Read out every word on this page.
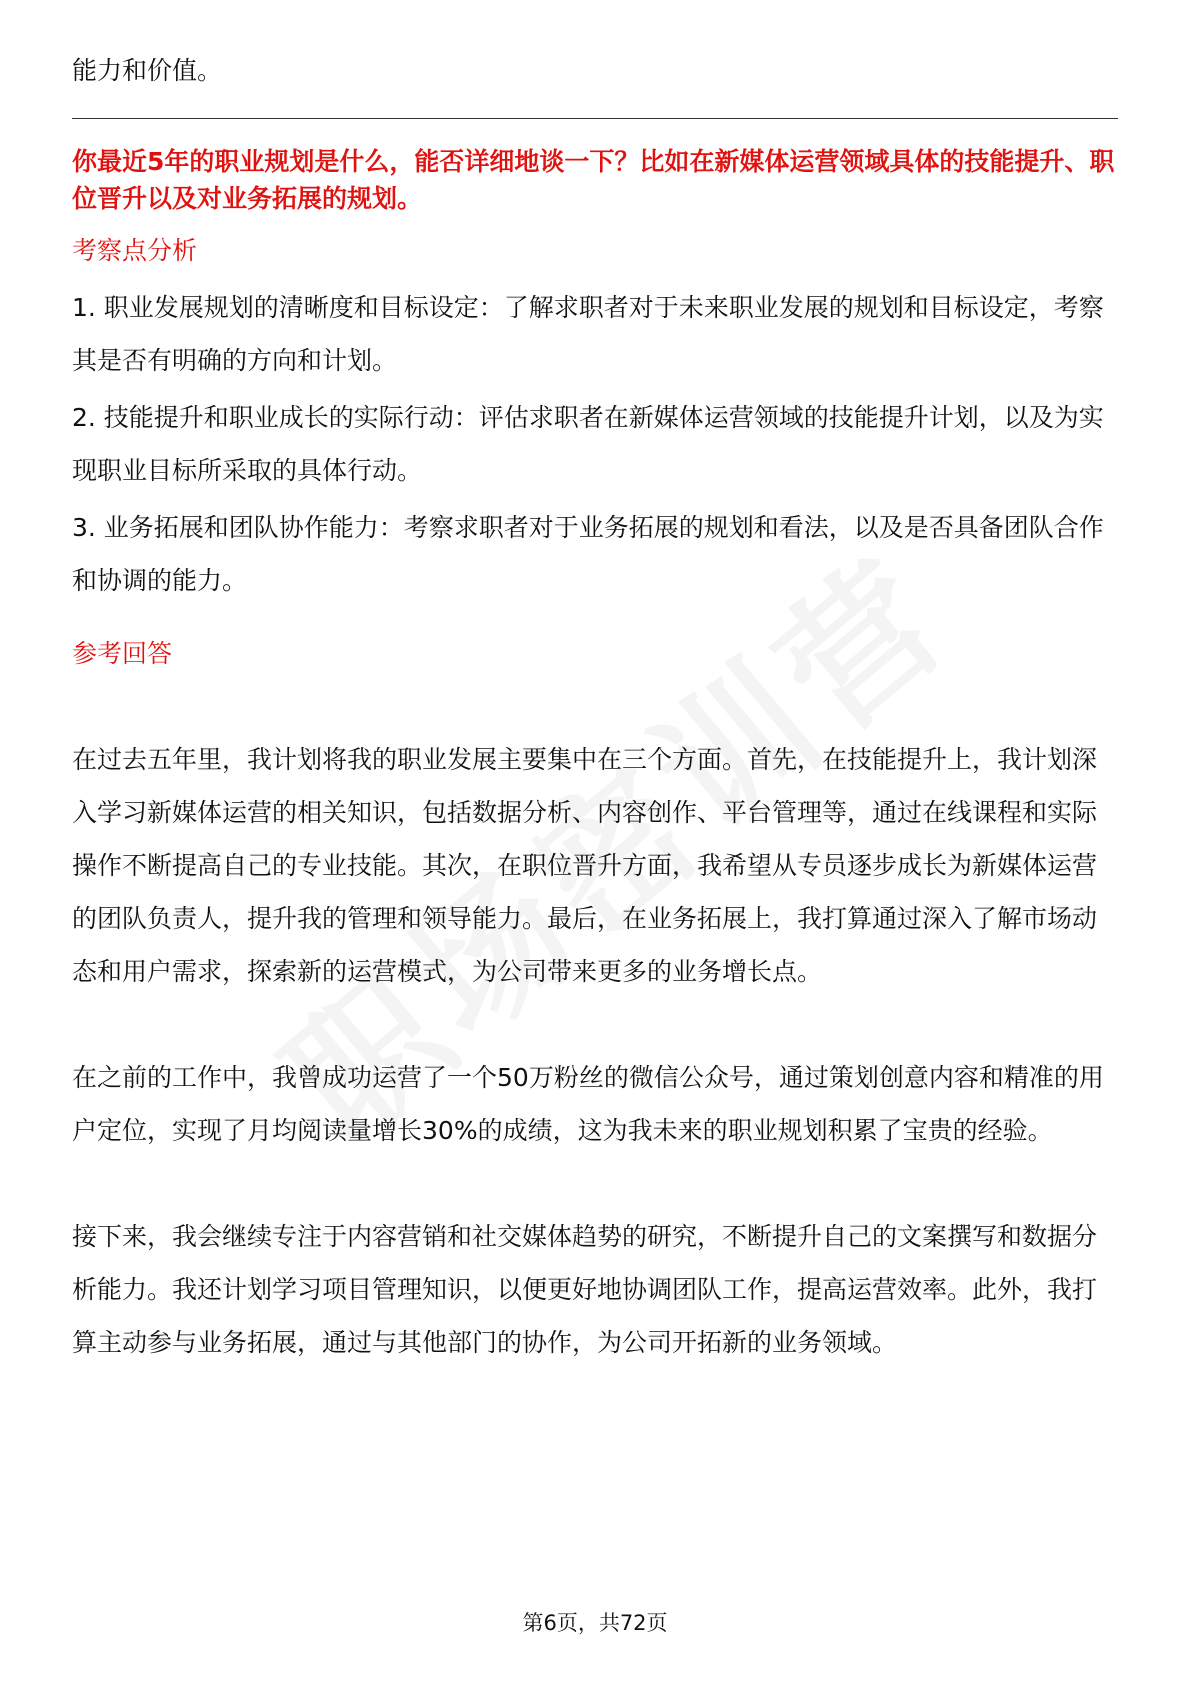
能力和价值。

你最近5年的职业规划是什么，能否详细地谈一下？比如在新媒体运营领域具体的技能提升、职位晋升以及对业务拓展的规划。

考察点分析

1. 职业发展规划的清晰度和目标设定：了解求职者对于未来职业发展的规划和目标设定，考察其是否有明确的方向和计划。

2. 技能提升和职业成长的实际行动：评估求职者在新媒体运营领域的技能提升计划，以及为实现职业目标所采取的具体行动。

3. 业务拓展和团队协作能力：考察求职者对于业务拓展的规划和看法，以及是否具备团队合作和协调的能力。

参考回答

在过去五年里，我计划将我的职业发展主要集中在三个方面。首先，在技能提升上，我计划深入学习新媒体运营的相关知识，包括数据分析、内容创作、平台管理等，通过在线课程和实际操作不断提高自己的专业技能。其次，在职位晋升方面，我希望从专员逐步成长为新媒体运营的团队负责人，提升我的管理和领导能力。最后，在业务拓展上，我打算通过深入了解市场动态和用户需求，探索新的运营模式，为公司带来更多的业务增长点。

在之前的工作中，我曾成功运营了一个50万粉丝的微信公众号，通过策划创意内容和精准的用户定位，实现了月均阅读量增长30%的成绩，这为我未来的职业规划积累了宝贵的经验。

接下来，我会继续专注于内容营销和社交媒体趋势的研究，不断提升自己的文案撰写和数据分析能力。我还计划学习项目管理知识，以便更好地协调团队工作，提高运营效率。此外，我打算主动参与业务拓展，通过与其他部门的协作，为公司开拓新的业务领域。

第6页，共72页
